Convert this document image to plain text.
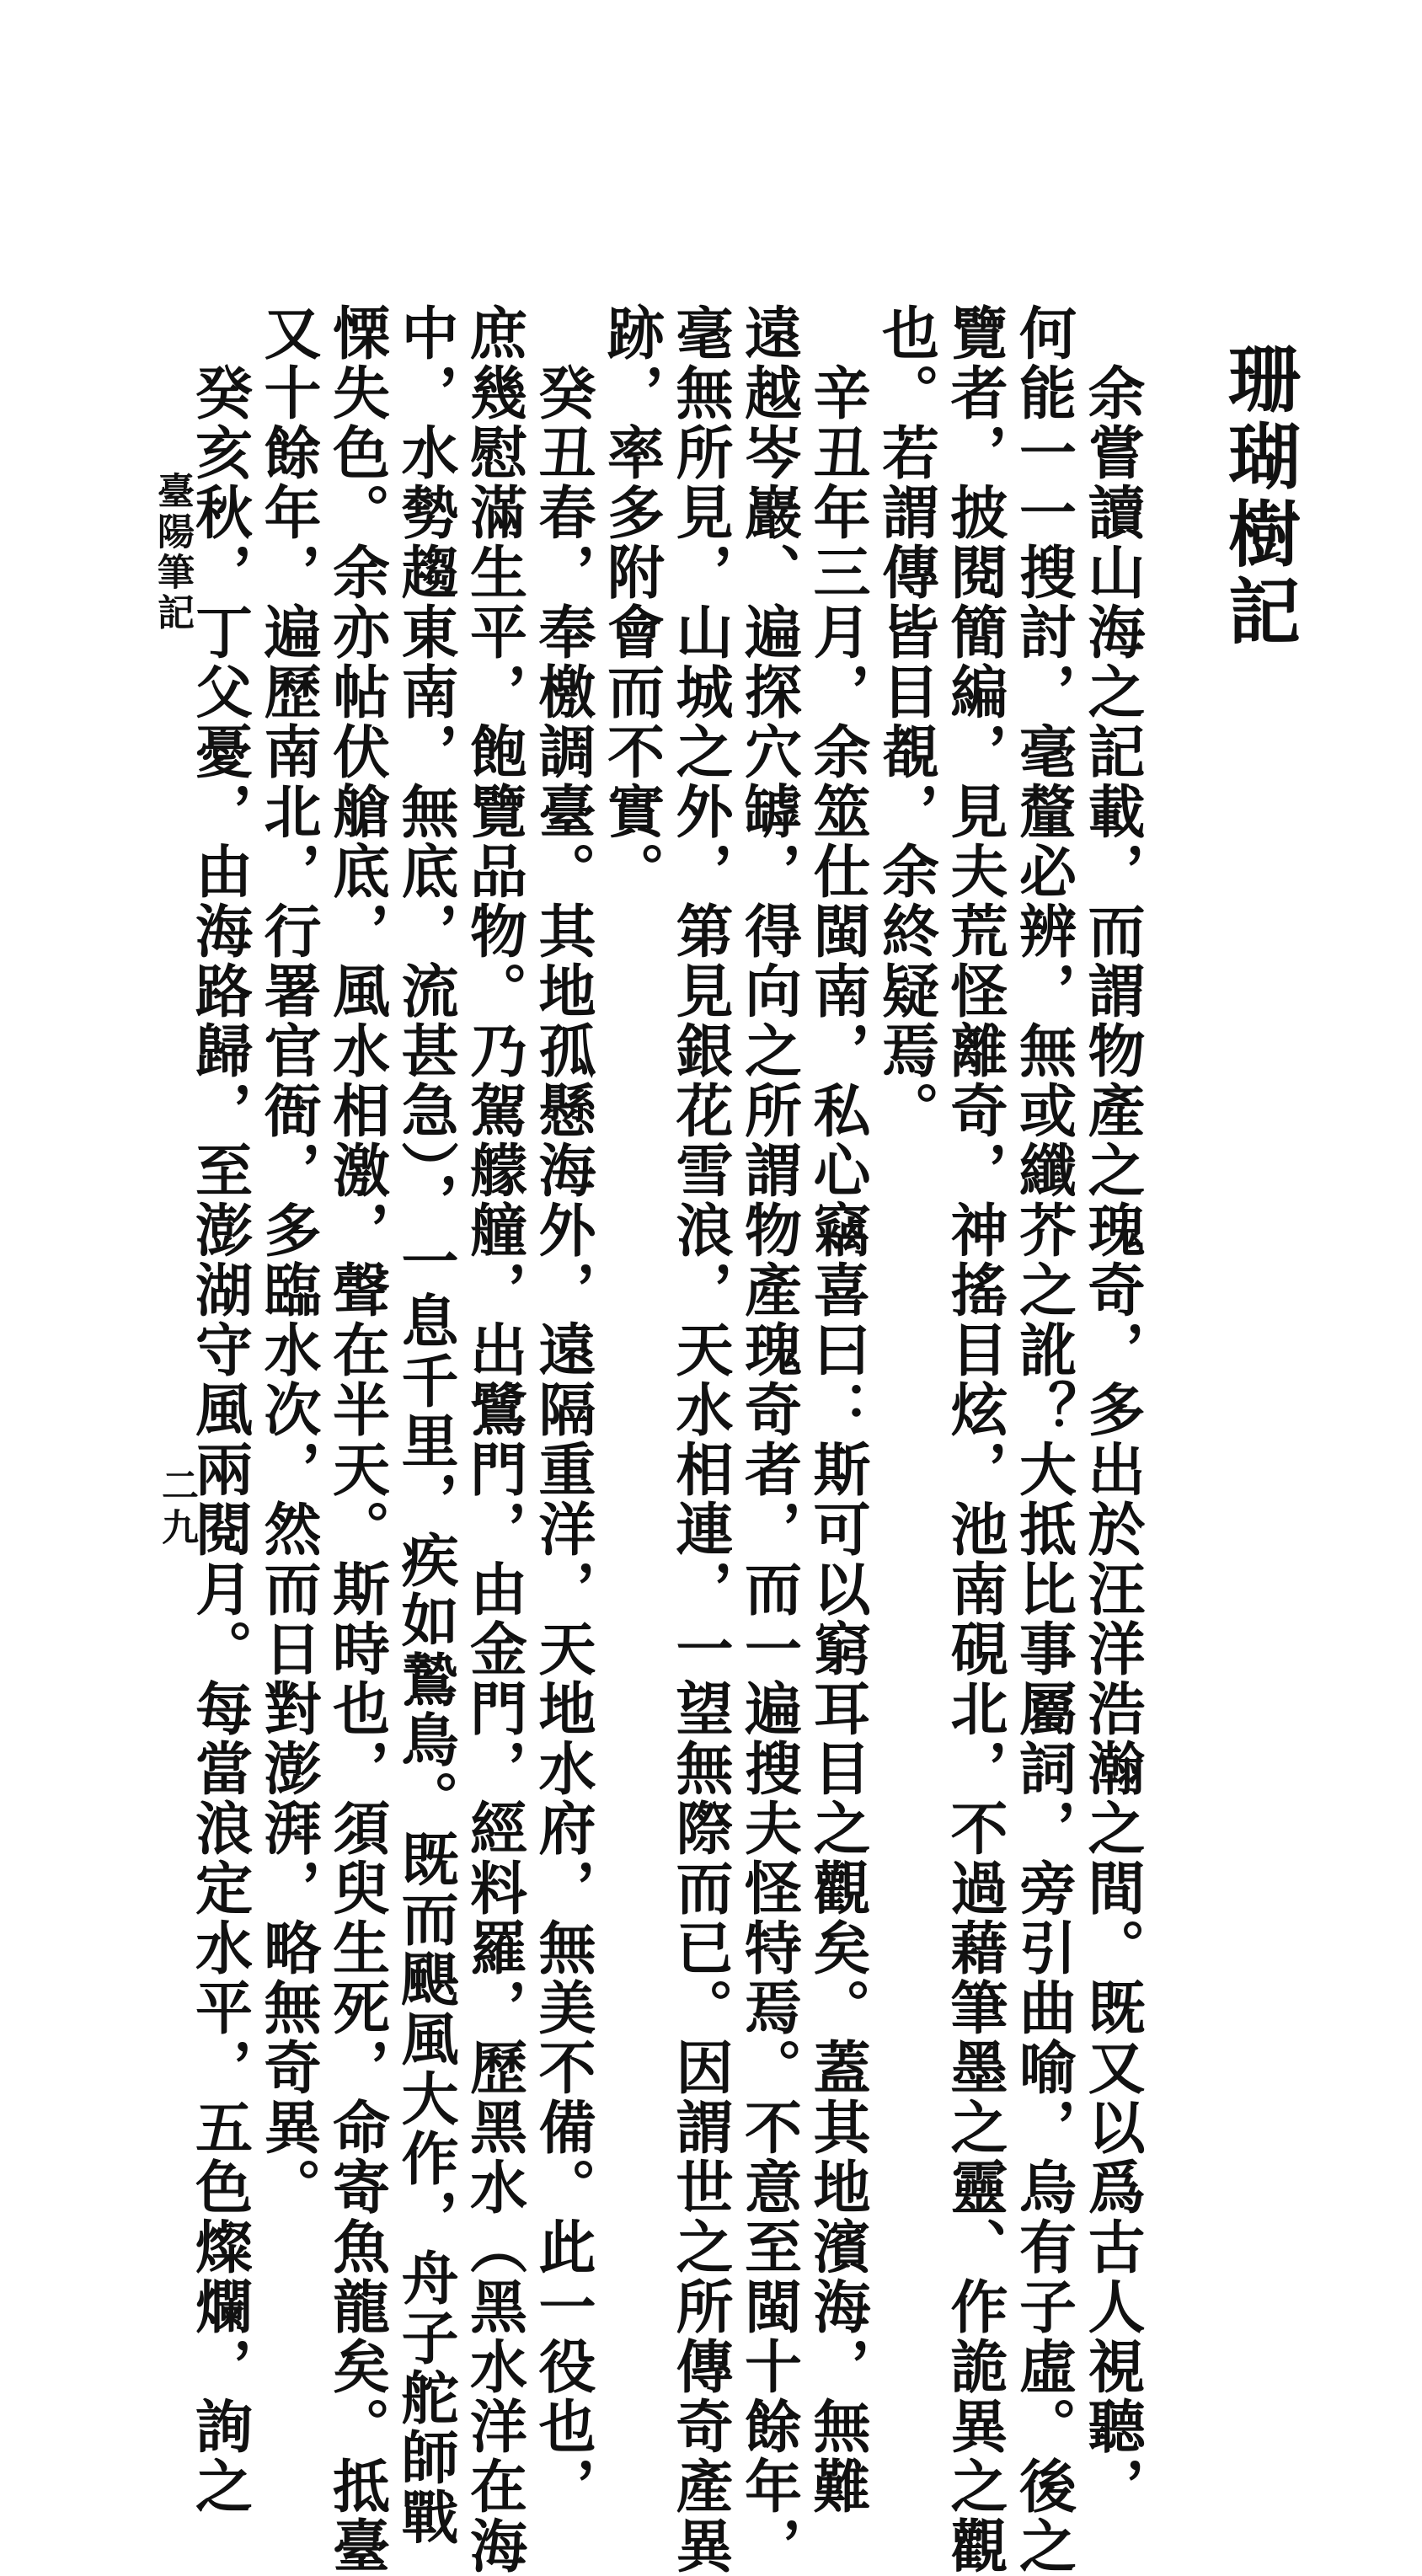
珊瑚樹記

　余嘗讀山海之記載，而謂物產之瑰奇，多出於汪洋浩瀚之間。既又以爲古人視聽，
何能一一搜討，毫釐必辨，無或纖芥之訛？大抵比事屬詞，旁引曲喻，烏有子虛。後之
覽者，披閱簡編，見夫荒怪離奇，神搖目炫，池南硯北，不過藉筆墨之靈、作詭異之觀
也。若謂傳皆目覩，余終疑焉。

　辛丑年三月，余筮仕閩南，私心竊喜曰：斯可以窮耳目之觀矣。蓋其地濱海，無難
遠越岑巖、遍探穴罅，得向之所謂物產瑰奇者，而一遍搜夫怪特焉。不意至閩十餘年，
毫無所見，山城之外，第見銀花雪浪，天水相連，一望無際而已。因謂世之所傳奇產異
跡，率多附會而不實。

　癸丑春，奉檄調臺。其地孤懸海外，遠隔重洋，天地水府，無美不備。此一役也，
庶幾慰滿生平，飽覽品物。乃駕艨艟，出鷺門，由金門，經料羅，歷黑水（黑水洋在海
中，水勢趨東南，無底，流甚急），一息千里，疾如鷙鳥。既而颶風大作，舟子舵師戰
慄失色。余亦帖伏艙底，風水相激，聲在半天。斯時也，須臾生死，命寄魚龍矣。抵臺
又十餘年，遍歷南北，行署官衙，多臨水次，然而日對澎湃，略無奇異。

　癸亥秋，丁父憂，由海路歸，至澎湖守風兩閱月。每當浪定水平，五色燦爛，詢之

二九
臺陽筆記
